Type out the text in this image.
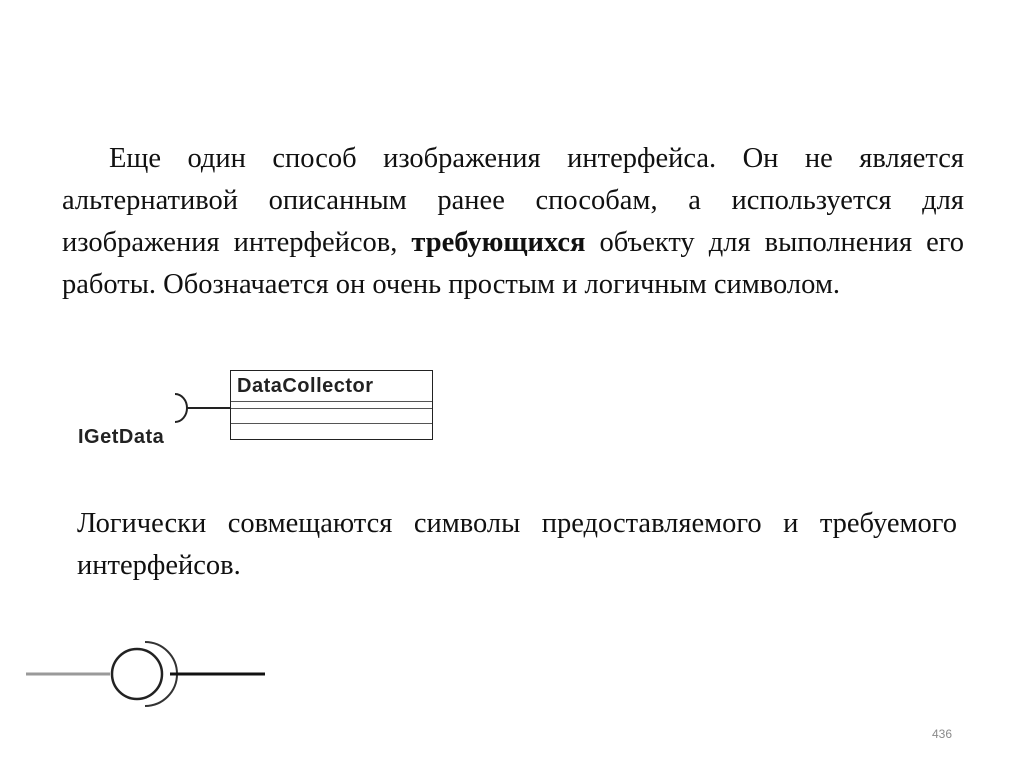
Еще один способ изображения интерфейса. Он не является альтернативой описанным ранее способам, а используется для изображения интерфейсов, требующихся объекту для выполнения его работы. Обозначается он очень простым и логичным символом.

DataCollector
IGetData

Логически совмещаются символы предоставляемого и требуемого интерфейсов.

436
